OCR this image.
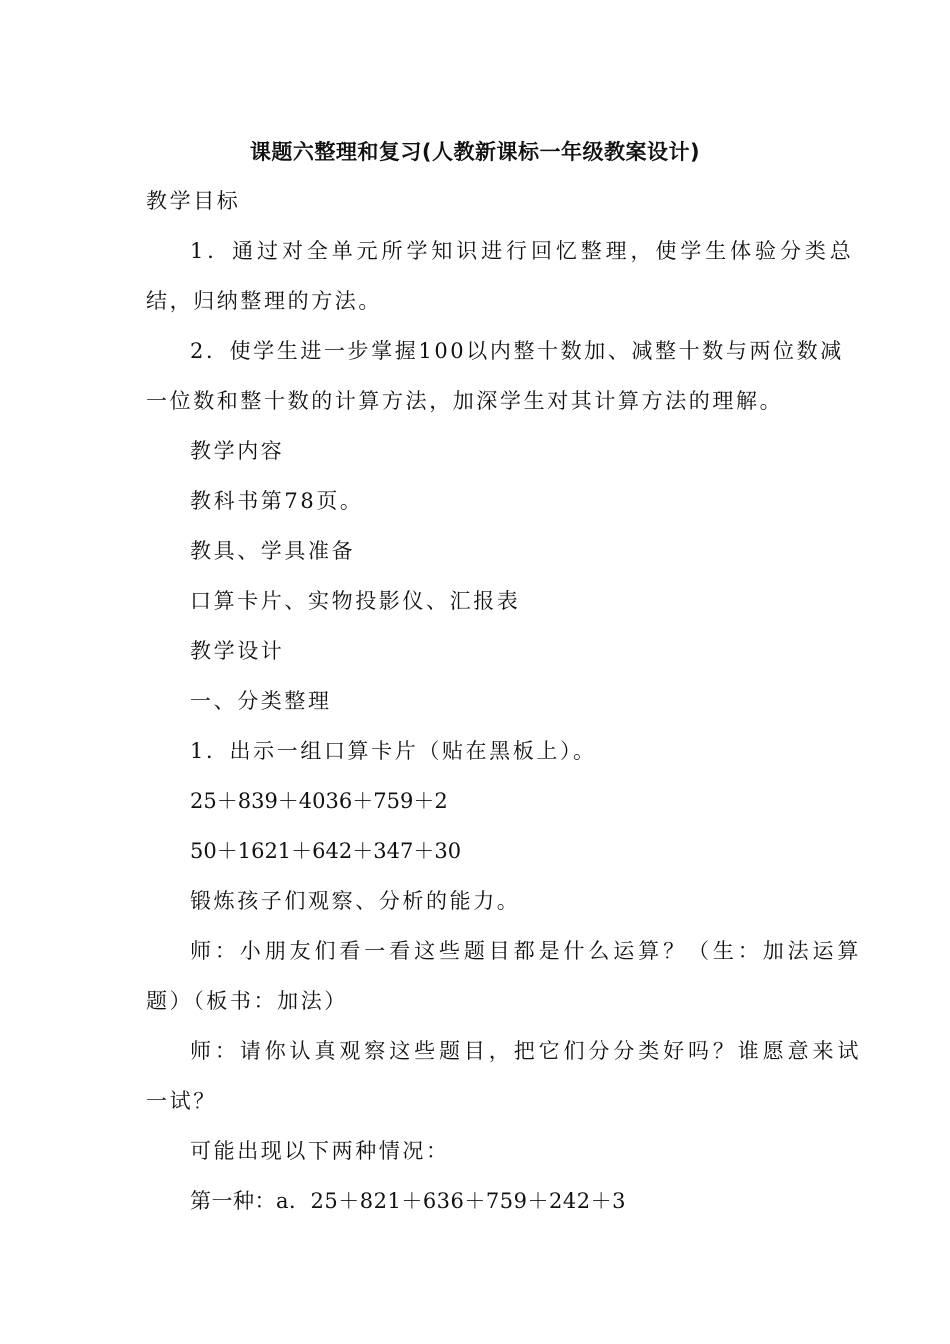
课题六整理和复习(人教新课标一年级教案设计)
教学目标
1．通过对全单元所学知识进行回忆整理，使学生体验分类总
结，归纳整理的方法。
2．使学生进一步掌握100以内整十数加、减整十数与两位数减
一位数和整十数的计算方法，加深学生对其计算方法的理解。
教学内容
教科书第78页。
教具、学具准备
口算卡片、实物投影仪、汇报表
教学设计
一、分类整理
1．出示一组口算卡片（贴在黑板上）。
25＋839＋4036＋759＋2
50＋1621＋642＋347＋30
锻炼孩子们观察、分析的能力。
师：小朋友们看一看这些题目都是什么运算？（生：加法运算
题）（板书：加法）
师：请你认真观察这些题目，把它们分分类好吗？谁愿意来试
一试？
可能出现以下两种情况：
第一种：a．25＋821＋636＋759＋242＋3
